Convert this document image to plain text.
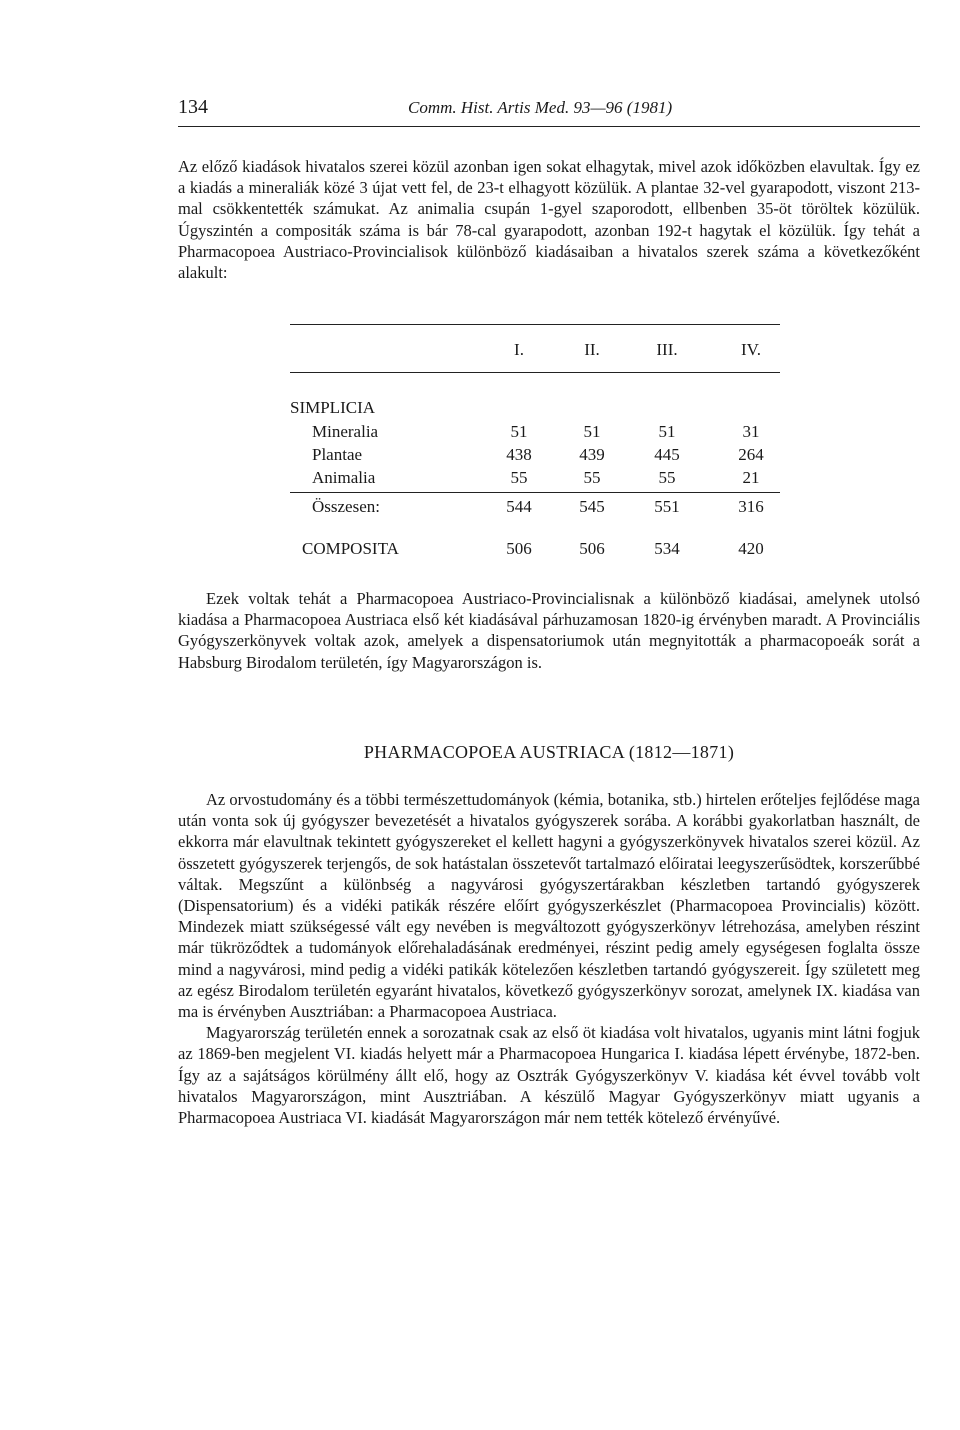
134	Comm. Hist. Artis Med. 93—96 (1981)

Az előző kiadások hivatalos szerei közül azonban igen sokat elhagytak, mivel azok időközben elavultak. Így ez a kiadás a mineraliák közé 3 újat vett fel, de 23-t elhagyott közülük. A plantae 32-vel gyarapodott, viszont 213-mal csökkentették számukat. Az animalia csupán 1-gyel szaporodott, ellbenben 35-öt töröltek közülük. Úgyszintén a compositák száma is bár 78-cal gyarapodott, azonban 192-t hagytak el közülük. Így tehát a Pharmacopoea Austriaco-Provincialisok különböző kiadásaiban a hivatalos szerek száma a következőként alakult:

I.	II.	III.	IV.
SIMPLICIA
Mineralia	51	51	51	31
Plantae	438	439	445	264
Animalia	55	55	55	21
Összesen:	544	545	551	316
COMPOSITA	506	506	534	420

Ezek voltak tehát a Pharmacopoea Austriaco-Provincialisnak a különböző kiadásai, amelynek utolsó kiadása a Pharmacopoea Austriaca első két kiadásával párhuzamosan 1820-ig érvényben maradt. A Provinciális Gyógyszerkönyvek voltak azok, amelyek a dispensatoriumok után megnyitották a pharmacopoeák sorát a Habsburg Birodalom területén, így Magyarországon is.

PHARMACOPOEA AUSTRIACA (1812—1871)

Az orvostudomány és a többi természettudományok (kémia, botanika, stb.) hirtelen erőteljes fejlődése maga után vonta sok új gyógyszer bevezetését a hivatalos gyógyszerek sorába. A korábbi gyakorlatban használt, de ekkorra már elavultnak tekintett gyógyszereket el kellett hagyni a gyógyszerkönyvek hivatalos szerei közül. Az összetett gyógyszerek terjengős, de sok hatástalan összetevőt tartalmazó előiratai leegyszerűsödtek, korszerűbbé váltak. Megszűnt a különbség a nagyvárosi gyógyszertárakban készletben tartandó gyógyszerek (Dispensatorium) és a vidéki patikák részére előírt gyógyszerkészlet (Pharmacopoea Provincialis) között. Mindezek miatt szükségessé vált egy nevében is megváltozott gyógyszerkönyv létrehozása, amelyben részint már tükröződtek a tudományok előrehaladásának eredményei, részint pedig amely egységesen foglalta össze mind a nagyvárosi, mind pedig a vidéki patikák kötelezően készletben tartandó gyógyszereit. Így született meg az egész Birodalom területén egyaránt hivatalos, következő gyógyszerkönyv sorozat, amelynek IX. kiadása van ma is érvényben Ausztriában: a Pharmacopoea Austriaca.

Magyarország területén ennek a sorozatnak csak az első öt kiadása volt hivatalos, ugyanis mint látni fogjuk az 1869-ben megjelent VI. kiadás helyett már a Pharmacopoea Hungarica I. kiadása lépett érvénybe, 1872-ben. Így az a sajátságos körülmény állt elő, hogy az Osztrák Gyógyszerkönyv V. kiadása két évvel tovább volt hivatalos Magyarországon, mint Ausztriában. A készülő Magyar Gyógyszerkönyv miatt ugyanis a Pharmacopoea Austriaca VI. kiadását Magyarországon már nem tették kötelező érvényűvé.
